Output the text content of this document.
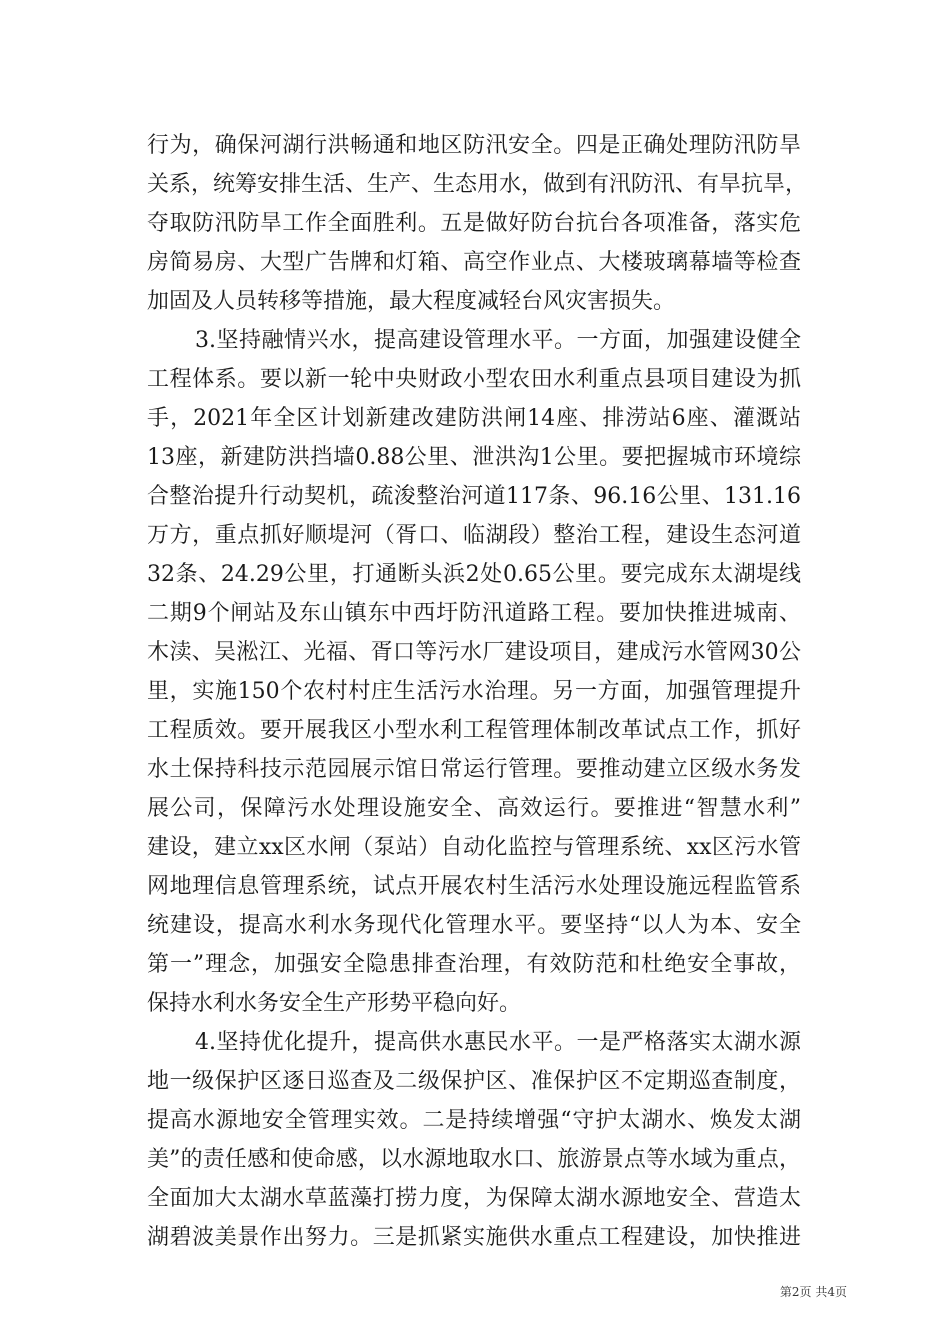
行为，确保河湖行洪畅通和地区防汛安全。四是正确处理防汛防旱
关系，统筹安排生活、生产、生态用水，做到有汛防汛、有旱抗旱，
夺取防汛防旱工作全面胜利。五是做好防台抗台各项准备，落实危
房简易房、大型广告牌和灯箱、高空作业点、大楼玻璃幕墙等检查
加固及人员转移等措施，最大程度减轻台风灾害损失。
3.坚持融情兴水，提高建设管理水平。一方面，加强建设健全
工程体系。要以新一轮中央财政小型农田水利重点县项目建设为抓
手，2021年全区计划新建改建防洪闸14座、排涝站6座、灌溉站
13座，新建防洪挡墙0.88公里、泄洪沟1公里。要把握城市环境综
合整治提升行动契机，疏浚整治河道117条、96.16公里、131.16
万方，重点抓好顺堤河（胥口、临湖段）整治工程，建设生态河道
32条、24.29公里，打通断头浜2处0.65公里。要完成东太湖堤线
二期9个闸站及东山镇东中西圩防汛道路工程。要加快推进城南、
木渎、吴淞江、光福、胥口等污水厂建设项目，建成污水管网30公
里，实施150个农村村庄生活污水治理。另一方面，加强管理提升
工程质效。要开展我区小型水利工程管理体制改革试点工作，抓好
水土保持科技示范园展示馆日常运行管理。要推动建立区级水务发
展公司，保障污水处理设施安全、高效运行。要推进“智慧水利”
建设，建立xx区水闸（泵站）自动化监控与管理系统、xx区污水管
网地理信息管理系统，试点开展农村生活污水处理设施远程监管系
统建设，提高水利水务现代化管理水平。要坚持“以人为本、安全
第一”理念，加强安全隐患排查治理，有效防范和杜绝安全事故，
保持水利水务安全生产形势平稳向好。
4.坚持优化提升，提高供水惠民水平。一是严格落实太湖水源
地一级保护区逐日巡查及二级保护区、准保护区不定期巡查制度，
提高水源地安全管理实效。二是持续增强“守护太湖水、焕发太湖
美”的责任感和使命感，以水源地取水口、旅游景点等水域为重点，
全面加大太湖水草蓝藻打捞力度，为保障太湖水源地安全、营造太
湖碧波美景作出努力。三是抓紧实施供水重点工程建设，加快推进
第2页 共4页
